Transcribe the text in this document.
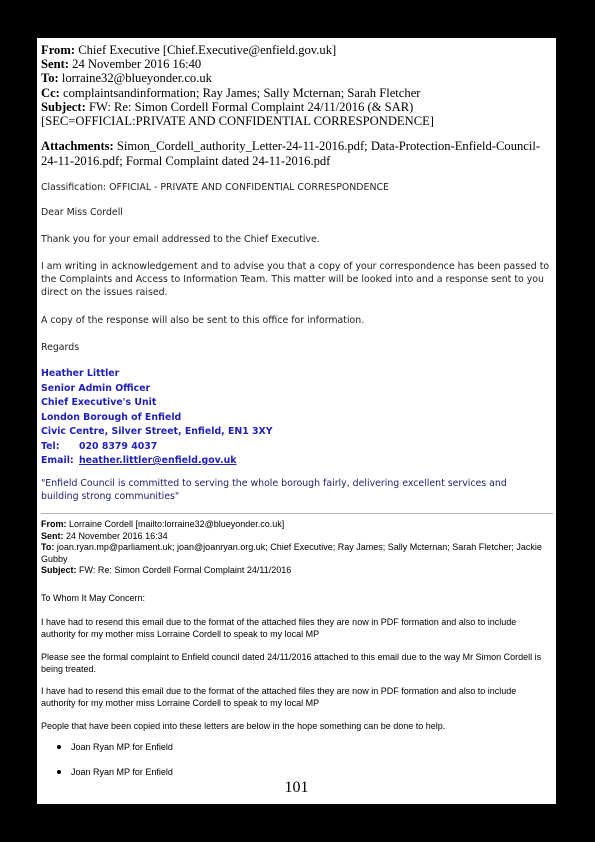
From: Chief Executive [Chief.Executive@enfield.gov.uk]
Sent: 24 November 2016 16:40
To: lorraine32@blueyonder.co.uk
Cc: complaintsandinformation; Ray James; Sally Mcternan; Sarah Fletcher
Subject: FW: Re: Simon Cordell Formal Complaint 24/11/2016 (& SAR)
[SEC=OFFICIAL:PRIVATE AND CONFIDENTIAL CORRESPONDENCE]
Attachments: Simon_Cordell_authority_Letter-24-11-2016.pdf; Data-Protection-Enfield-Council-24-11-2016.pdf; Formal Complaint dated 24-11-2016.pdf
Classification: OFFICIAL - PRIVATE AND CONFIDENTIAL CORRESPONDENCE
Dear Miss Cordell
Thank you for your email addressed to the Chief Executive.
I am writing in acknowledgement and to advise you that a copy of your correspondence has been passed to the Complaints and Access to Information Team. This matter will be looked into and a response sent to you direct on the issues raised.
A copy of the response will also be sent to this office for information.
Regards
Heather Littler
Senior Admin Officer
Chief Executive's Unit
London Borough of Enfield
Civic Centre, Silver Street, Enfield, EN1 3XY
Tel: 020 8379 4037
Email: heather.littler@enfield.gov.uk
"Enfield Council is committed to serving the whole borough fairly, delivering excellent services and building strong communities"
From: Lorraine Cordell [mailto:lorraine32@blueyonder.co.uk]
Sent: 24 November 2016 16:34
To: joan.ryan.mp@parliament.uk; joan@joanryan.org.uk; Chief Executive; Ray James; Sally Mcternan; Sarah Fletcher; Jackie Gubby
Subject: FW: Re: Simon Cordell Formal Complaint 24/11/2016
To Whom It May Concern:
I have had to resend this email due to the format of the attached files they are now in PDF formation and also to include authority for my mother miss Lorraine Cordell to speak to my local MP
Please see the formal complaint to Enfield council dated 24/11/2016 attached to this email due to the way Mr Simon Cordell is being treated.
I have had to resend this email due to the format of the attached files they are now in PDF formation and also to include authority for my mother miss Lorraine Cordell to speak to my local MP
People that have been copied into these letters are below in the hope something can be done to help.
Joan Ryan MP for Enfield
Joan Ryan MP for Enfield
101
